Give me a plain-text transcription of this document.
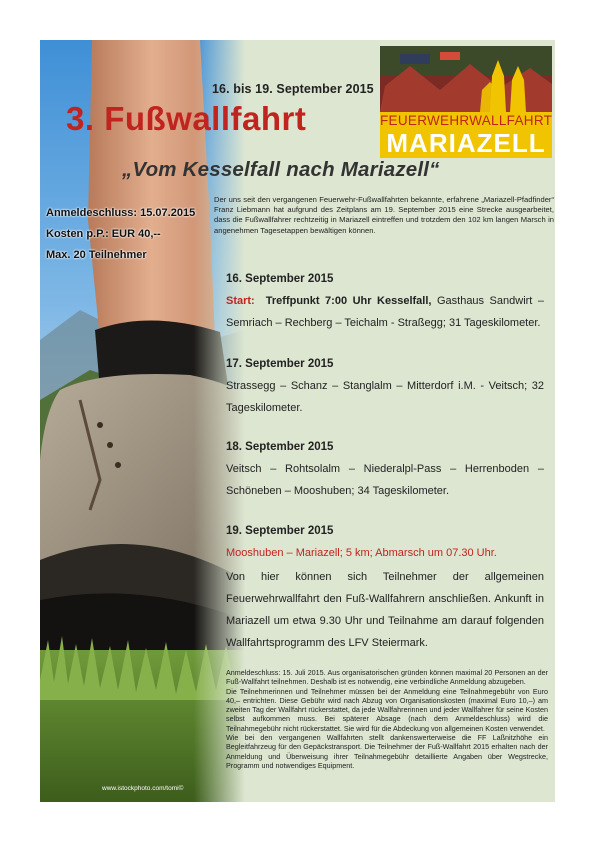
FEUERWEHRWALLFAHRT
MARIAZELL
16. bis 19. September 2015
3. Fußwallfahrt
„Vom Kesselfall nach Mariazell“
Anmeldeschluss: 15.07.2015
Kosten p.P.: EUR 40,--
Max. 20 Teilnehmer
Der uns seit den vergangenen Feuerwehr-Fußwallfahrten bekannte, erfahrene „Mariazell-Pfadfinder“ Franz Liebmann hat aufgrund des Zeitplans am 19. September 2015 eine Strecke ausgearbeitet, dass die Fußwallfahrer rechtzeitig in Mariazell eintreffen und trotzdem den 102 km langen Marsch in angenehmen Tagesetappen bewältigen können.
16. September 2015
Start: Treffpunkt 7:00 Uhr Kesselfall, Gasthaus Sandwirt – Semriach – Rechberg – Teichalm - Straßegg; 31 Tageskilometer.
17. September 2015
Strassegg – Schanz – Stanglalm – Mitterdorf i.M. - Veitsch; 32 Tageskilometer.
18. September 2015
Veitsch – Rohtsolalm – Niederalpl-Pass – Herrenboden – Schöneben – Mooshuben; 34 Tageskilometer.
19. September 2015
Mooshuben – Mariazell; 5 km; Abmarsch um 07.30 Uhr.
Von hier können sich Teilnehmer der allgemeinen Feuerwehrwallfahrt den Fuß-Wallfahrern anschließen. Ankunft in Mariazell um etwa 9.30 Uhr und Teilnahme am darauf folgenden Wallfahrtsprogramm des LFV Steiermark.
Anmeldeschluss: 15. Juli 2015. Aus organisatorischen gründen können maximal 20 Personen an der Fuß-Wallfahrt teilnehmen. Deshalb ist es notwendig, eine verbindliche Anmeldung abzugeben.
Die Teilnehmerinnen und Teilnehmer müssen bei der Anmeldung eine Teilnahmegebühr von Euro 40,– entrichten. Diese Gebühr wird nach Abzug von Organisationskosten (maximal Euro 10,–) am zweiten Tag der Wallfahrt rückerstattet, da jede Wallfahrerinnen und jeder Wallfahrer für seine Kosten selbst aufkommen muss. Bei späterer Absage (nach dem Anmeldeschluss) wird die Teilnahmegebühr nicht rückerstattet. Sie wird für die Abdeckung von allgemeinen Kosten verwendet.
Wie bei den vergangenen Wallfahrten stellt dankenswerterweise die FF Laßnitzhöhe ein Begleitfahrzeug für den Gepäckstransport. Die Teilnehmer der Fuß-Wallfahrt 2015 erhalten nach der Anmeldung und Überweisung ihrer Teilnahmegebühr detaillierte Angaben über Wegstrecke, Programm und notwendiges Equipment.
www.istockphoto.com/tomi©
